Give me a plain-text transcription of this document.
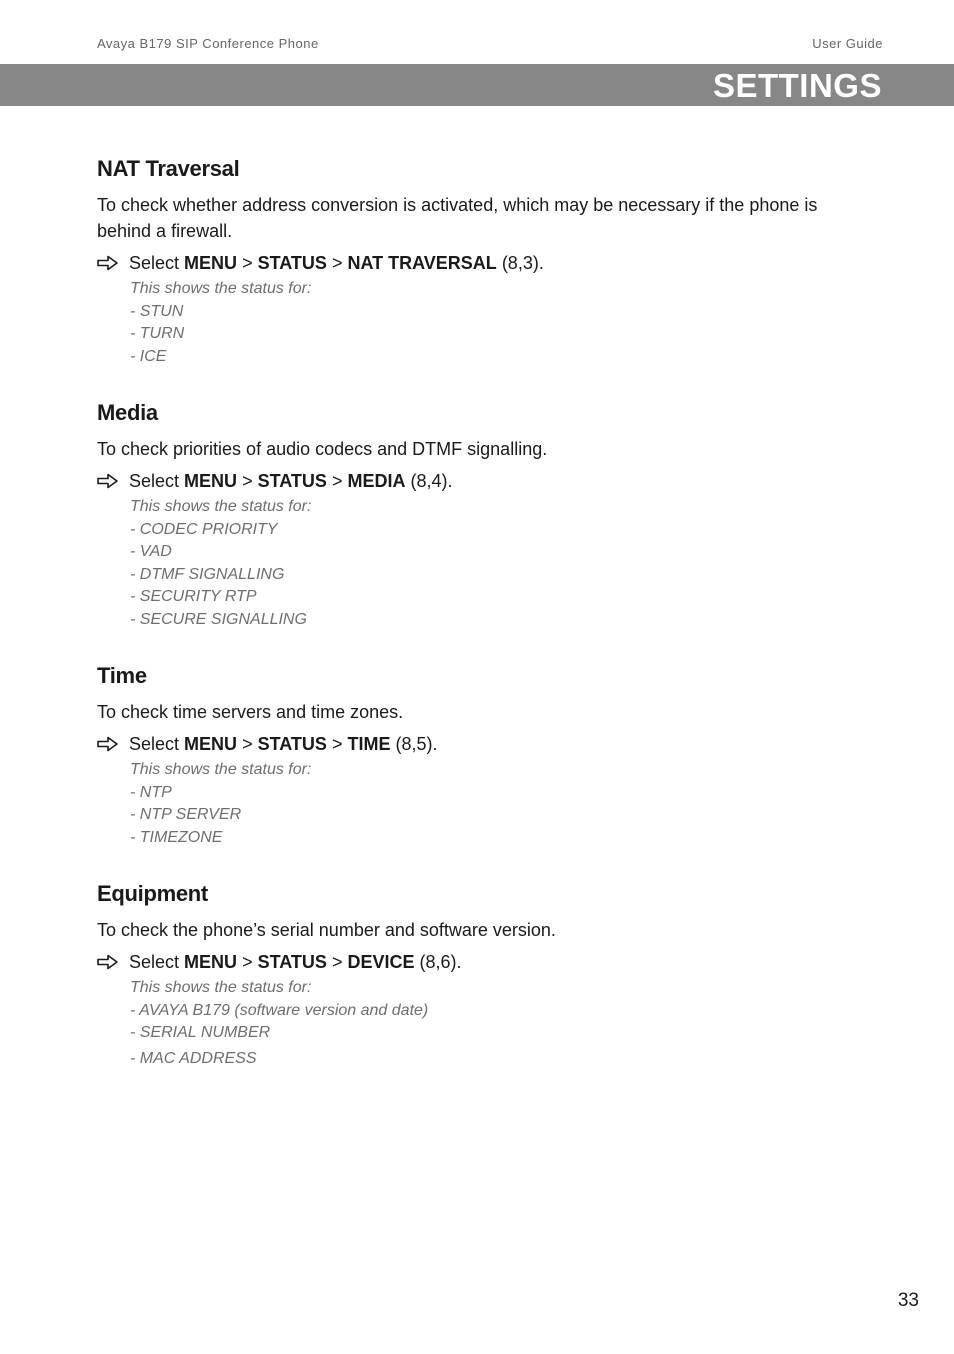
Avaya B179 SIP Conference Phone	User Guide
SETTINGS
NAT Traversal

To check whether address conversion is activated, which may be necessary if the phone is behind a firewall.

Select MENU > STATUS > NAT TRAVERSAL (8,3).
This shows the status for:
- STUN
- TURN
- ICE
Media

To check priorities of audio codecs and DTMF signalling.

Select MENU > STATUS > MEDIA (8,4).
This shows the status for:
- CODEC PRIORITY
- VAD
- DTMF SIGNALLING
- SECURITY RTP
- SECURE SIGNALLING
Time

To check time servers and time zones.

Select MENU > STATUS > TIME (8,5).
This shows the status for:
- NTP
- NTP SERVER
- TIMEZONE
Equipment

To check the phone’s serial number and software version.

Select MENU > STATUS > DEVICE (8,6).
This shows the status for:
- AVAYA B179 (software version and date)
- SERIAL NUMBER
- MAC ADDRESS
33
